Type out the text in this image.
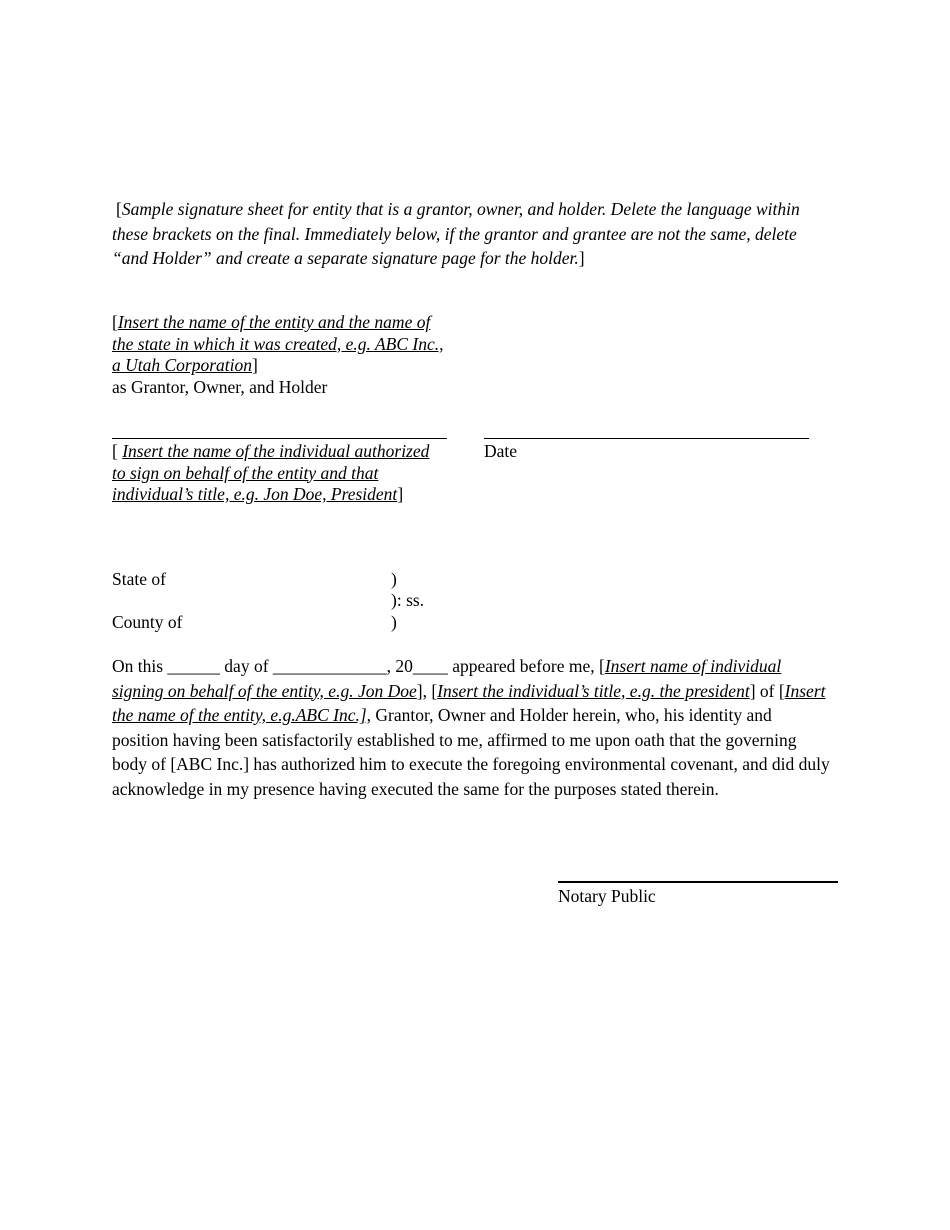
[Sample signature sheet for entity that is a grantor, owner, and holder. Delete the language within these brackets on the final. Immediately below, if the grantor and grantee are not the same, delete “and Holder” and create a separate signature page for the holder.]

[Insert the name of the entity and the name of
the state in which it was created, e.g. ABC Inc.,
a Utah Corporation]
as Grantor, Owner, and Holder
[ Insert the name of the individual authorized
to sign on behalf of the entity and that
individual’s title, e.g. Jon Doe, President]
Date
State of
County of
)
): ss.
)

On this ______ day of _____________, 20____ appeared before me, [Insert name of individual signing on behalf of the entity, e.g. Jon Doe], [Insert the individual’s title, e.g. the president] of [Insert the name of the entity, e.g.ABC Inc.], Grantor, Owner and Holder herein, who, his identity and position having been satisfactorily established to me, affirmed to me upon oath that the governing body of [ABC Inc.] has authorized him to execute the foregoing environmental covenant, and did duly acknowledge in my presence having executed the same for the purposes stated therein.

Notary Public
